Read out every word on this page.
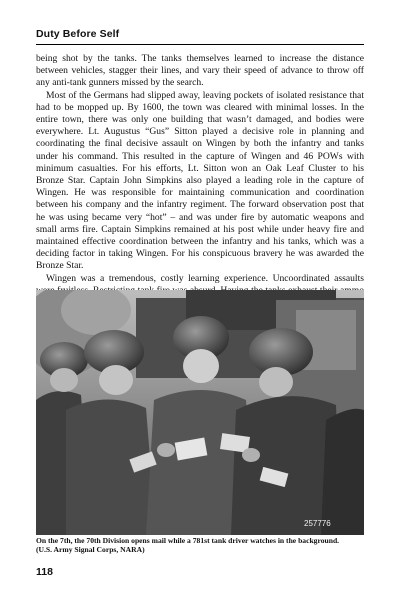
Duty Before Self

being shot by the tanks. The tanks themselves learned to increase the distance between vehicles, stagger their lines, and vary their speed of advance to throw off any anti-tank gunners missed by the search.

Most of the Germans had slipped away, leaving pockets of isolated resistance that had to be mopped up. By 1600, the town was cleared with minimal losses. In the entire town, there was only one building that wasn’t damaged, and bodies were everywhere. Lt. Augustus “Gus” Sitton played a decisive role in planning and coordinating the final decisive assault on Wingen by both the infantry and tanks under his command. This resulted in the capture of Wingen and 46 POWs with minimum casualties. For his efforts, Lt. Sitton won an Oak Leaf Cluster to his Bronze Star. Captain John Simpkins also played a leading role in the capture of Wingen. He was responsible for maintaining communication and coordination between his company and the infantry regiment. The forward observation post that he was using became very “hot” – and was under fire by automatic weapons and small arms fire. Captain Simpkins remained at his post while under heavy fire and maintained effective coordination between the infantry and his tanks, which was a deciding factor in taking Wingen. For his conspicuous bravery he was awarded the Bronze Star.

Wingen was a tremendous, costly learning experience. Uncoordinated assaults

257776
On the 7th, the 70th Division opens mail while a 781st tank driver watches in the background.
(U.S. Army Signal Corps, NARA)
118
